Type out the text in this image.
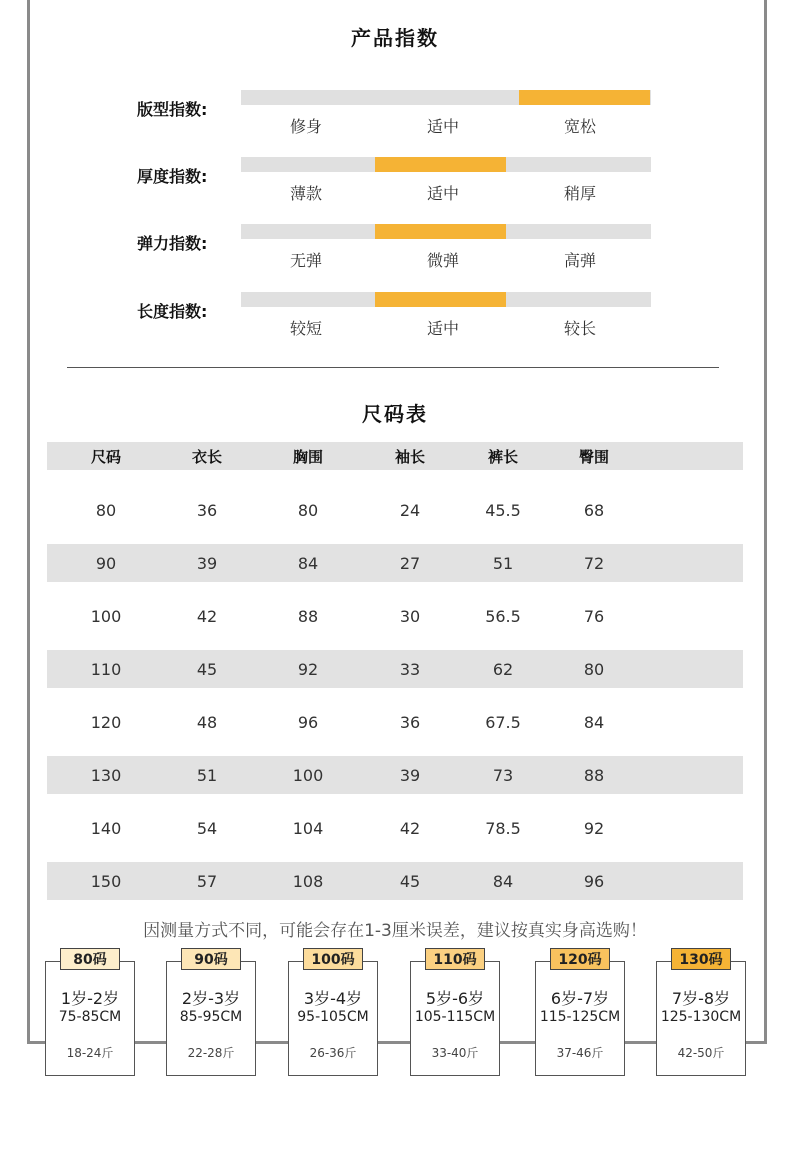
产品指数
版型指数:
修身	适中	宽松
厚度指数:
薄款	适中	稍厚
弹力指数:
无弹	微弹	高弹
长度指数:
较短	适中	较长
尺码表
尺码	衣长	胸围	袖长	裤长	臀围
80	36	80	24	45.5	68
90	39	84	27	51	72
100	42	88	30	56.5	76
110	45	92	33	62	80
120	48	96	36	67.5	84
130	51	100	39	73	88
140	54	104	42	78.5	92
150	57	108	45	84	96
因测量方式不同，可能会存在1-3厘米误差，建议按真实身高选购！
1岁-2岁
75-85CM
18-24斤
80码
2岁-3岁
85-95CM
22-28斤
90码
3岁-4岁
95-105CM
26-36斤
100码
5岁-6岁
105-115CM
33-40斤
110码
6岁-7岁
115-125CM
37-46斤
120码
7岁-8岁
125-130CM
42-50斤
130码
